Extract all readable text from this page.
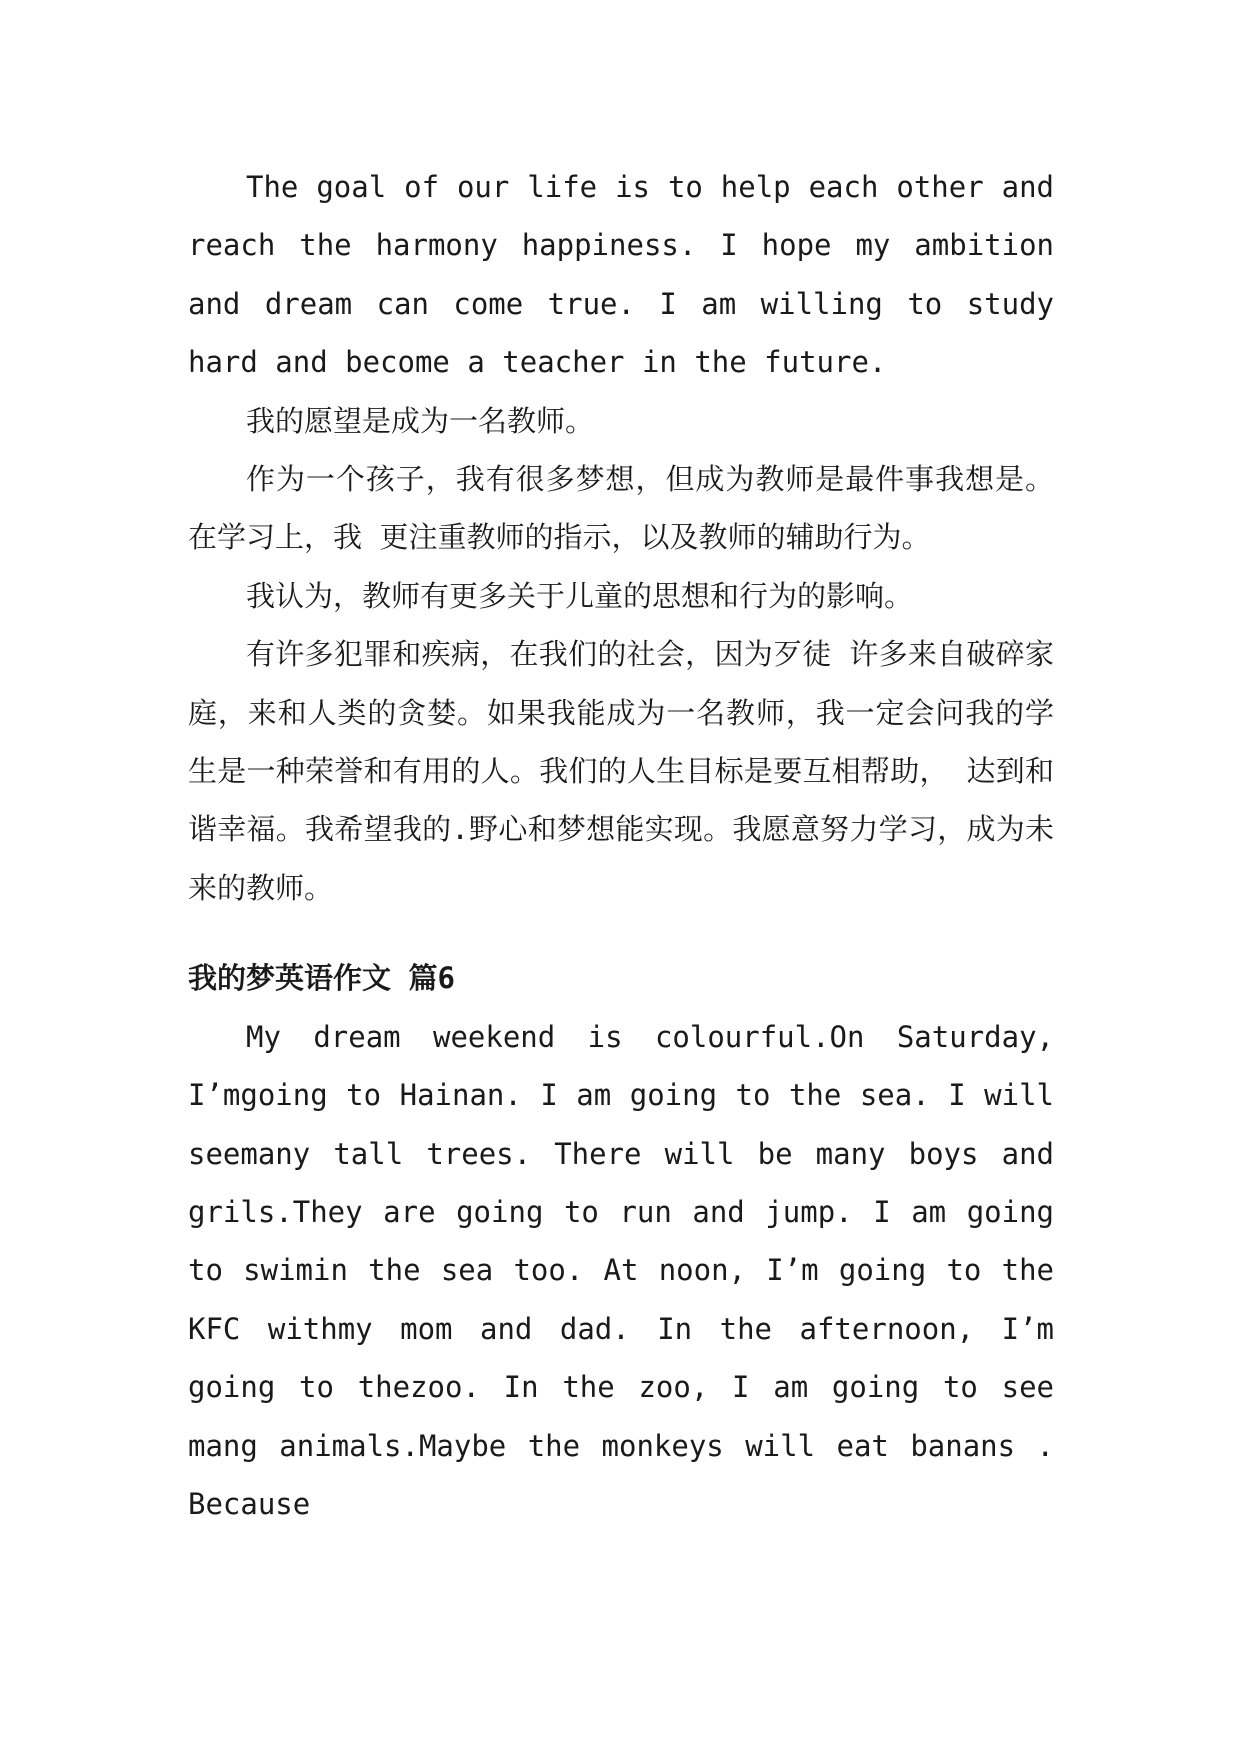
The goal of our life is to help each other and reach the harmony happiness. I hope my ambition and dream can come true. I am willing to study hard and become a teacher in the future.

我的愿望是成为一名教师。

作为一个孩子，我有很多梦想，但成为教师是最件事我想是。在学习上，我 更注重教师的指示，以及教师的辅助行为。

我认为，教师有更多关于儿童的思想和行为的影响。

有许多犯罪和疾病，在我们的社会，因为歹徒 许多来自破碎家庭，来和人类的贪婪。如果我能成为一名教师，我一定会问我的学生是一种荣誉和有用的人。我们的人生目标是要互相帮助， 达到和谐幸福。我希望我的.野心和梦想能实现。我愿意努力学习，成为未来的教师。

我的梦英语作文 篇6

My dream weekend is colourful.On Saturday, I’mgoing to Hainan. I am going to the sea. I will seemany tall trees. There will be many boys and grils.They are going to run and jump. I am going to swimin the sea too. At noon, I’m going to the KFC withmy mom and dad. In the afternoon, I’m going to thezoo. In the zoo, I am going to see mang animals.Maybe the monkeys will eat banans . Because
